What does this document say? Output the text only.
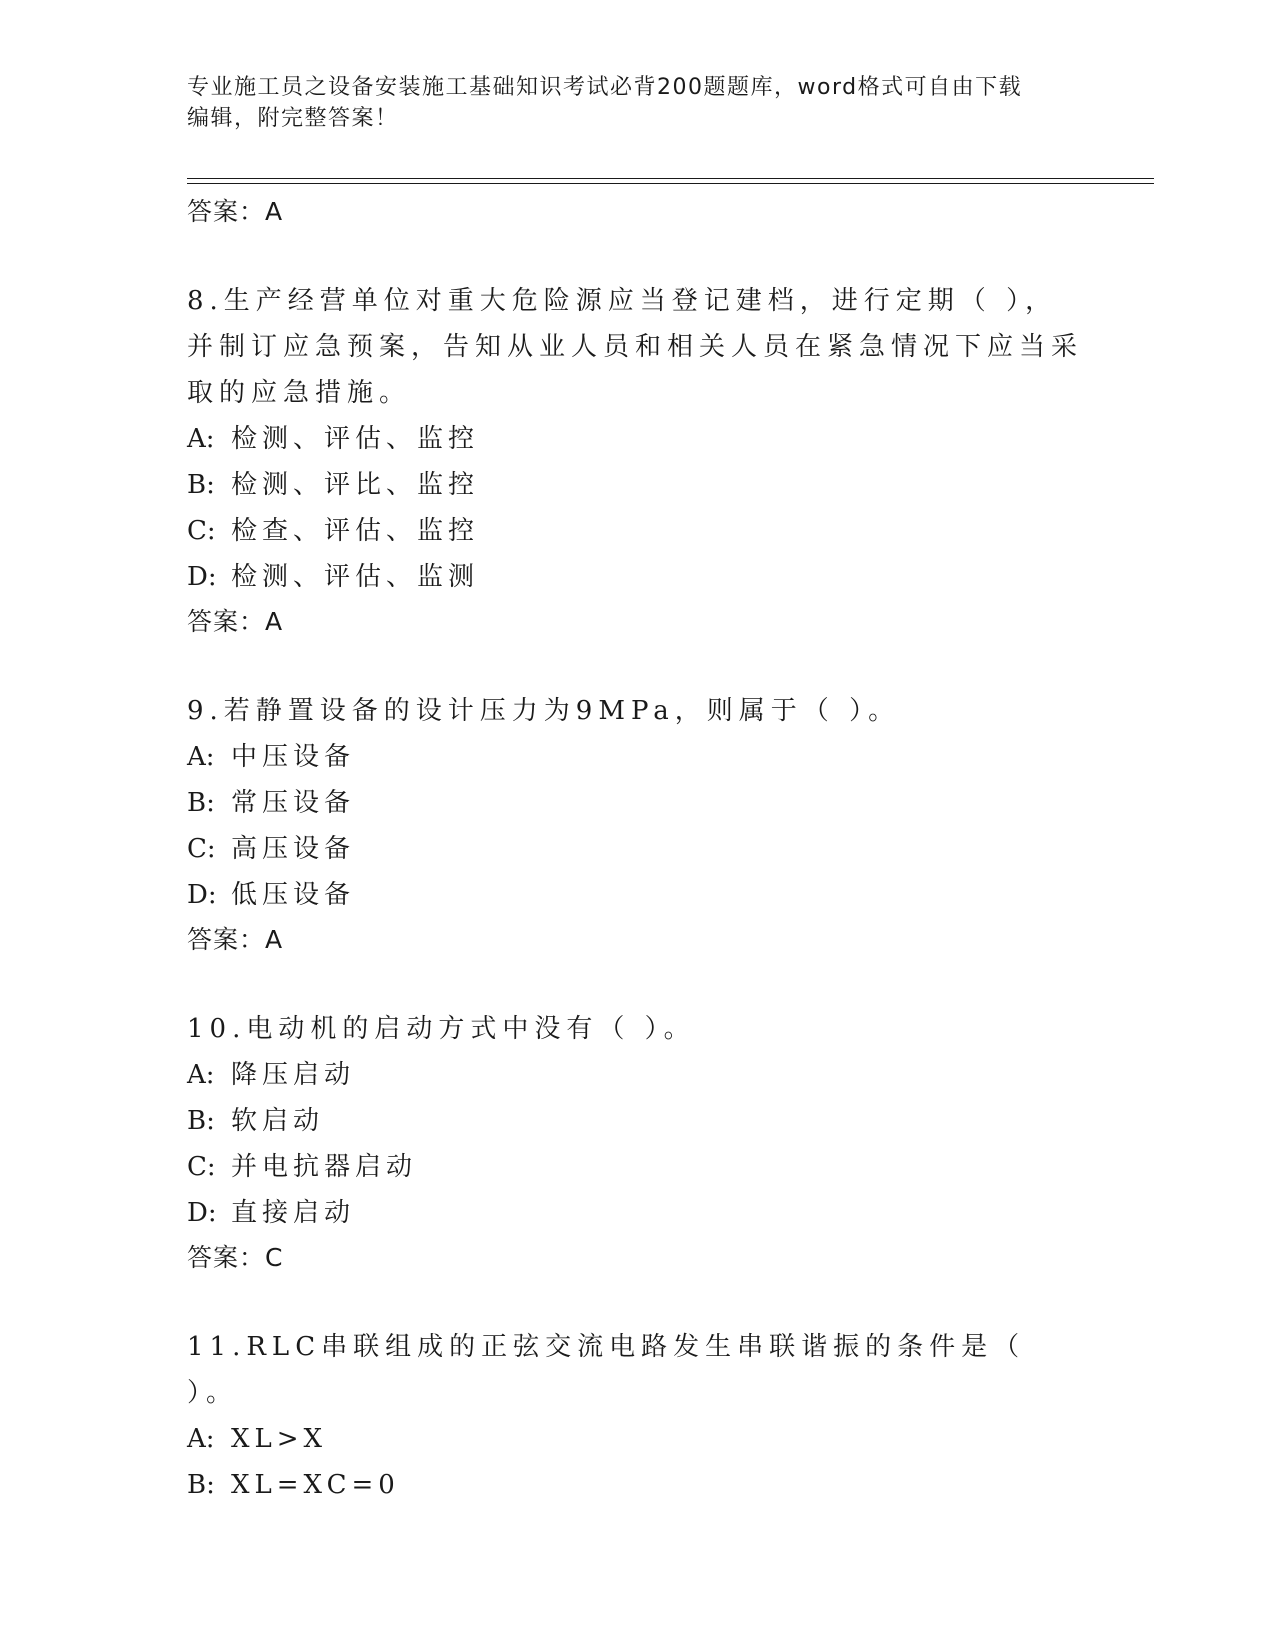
专业施工员之设备安装施工基础知识考试必背200题题库，word格式可自由下载
编辑，附完整答案！
答案：A
8.生产经营单位对重大危险源应当登记建档，进行定期（ ），并制订应急预案，告知从业人员和相关人员在紧急情况下应当采取的应急措施。
A: 检测、评估、监控
B: 检测、评比、监控
C: 检查、评估、监控
D: 检测、评估、监测
答案：A
9.若静置设备的设计压力为9MPa，则属于（ ）。
A: 中压设备
B: 常压设备
C: 高压设备
D: 低压设备
答案：A
10.电动机的启动方式中没有（ ）。
A: 降压启动
B: 软启动
C: 并电抗器启动
D: 直接启动
答案：C
11.RLC串联组成的正弦交流电路发生串联谐振的条件是（ ）。
A: XL>X
B: XL=XC=0
